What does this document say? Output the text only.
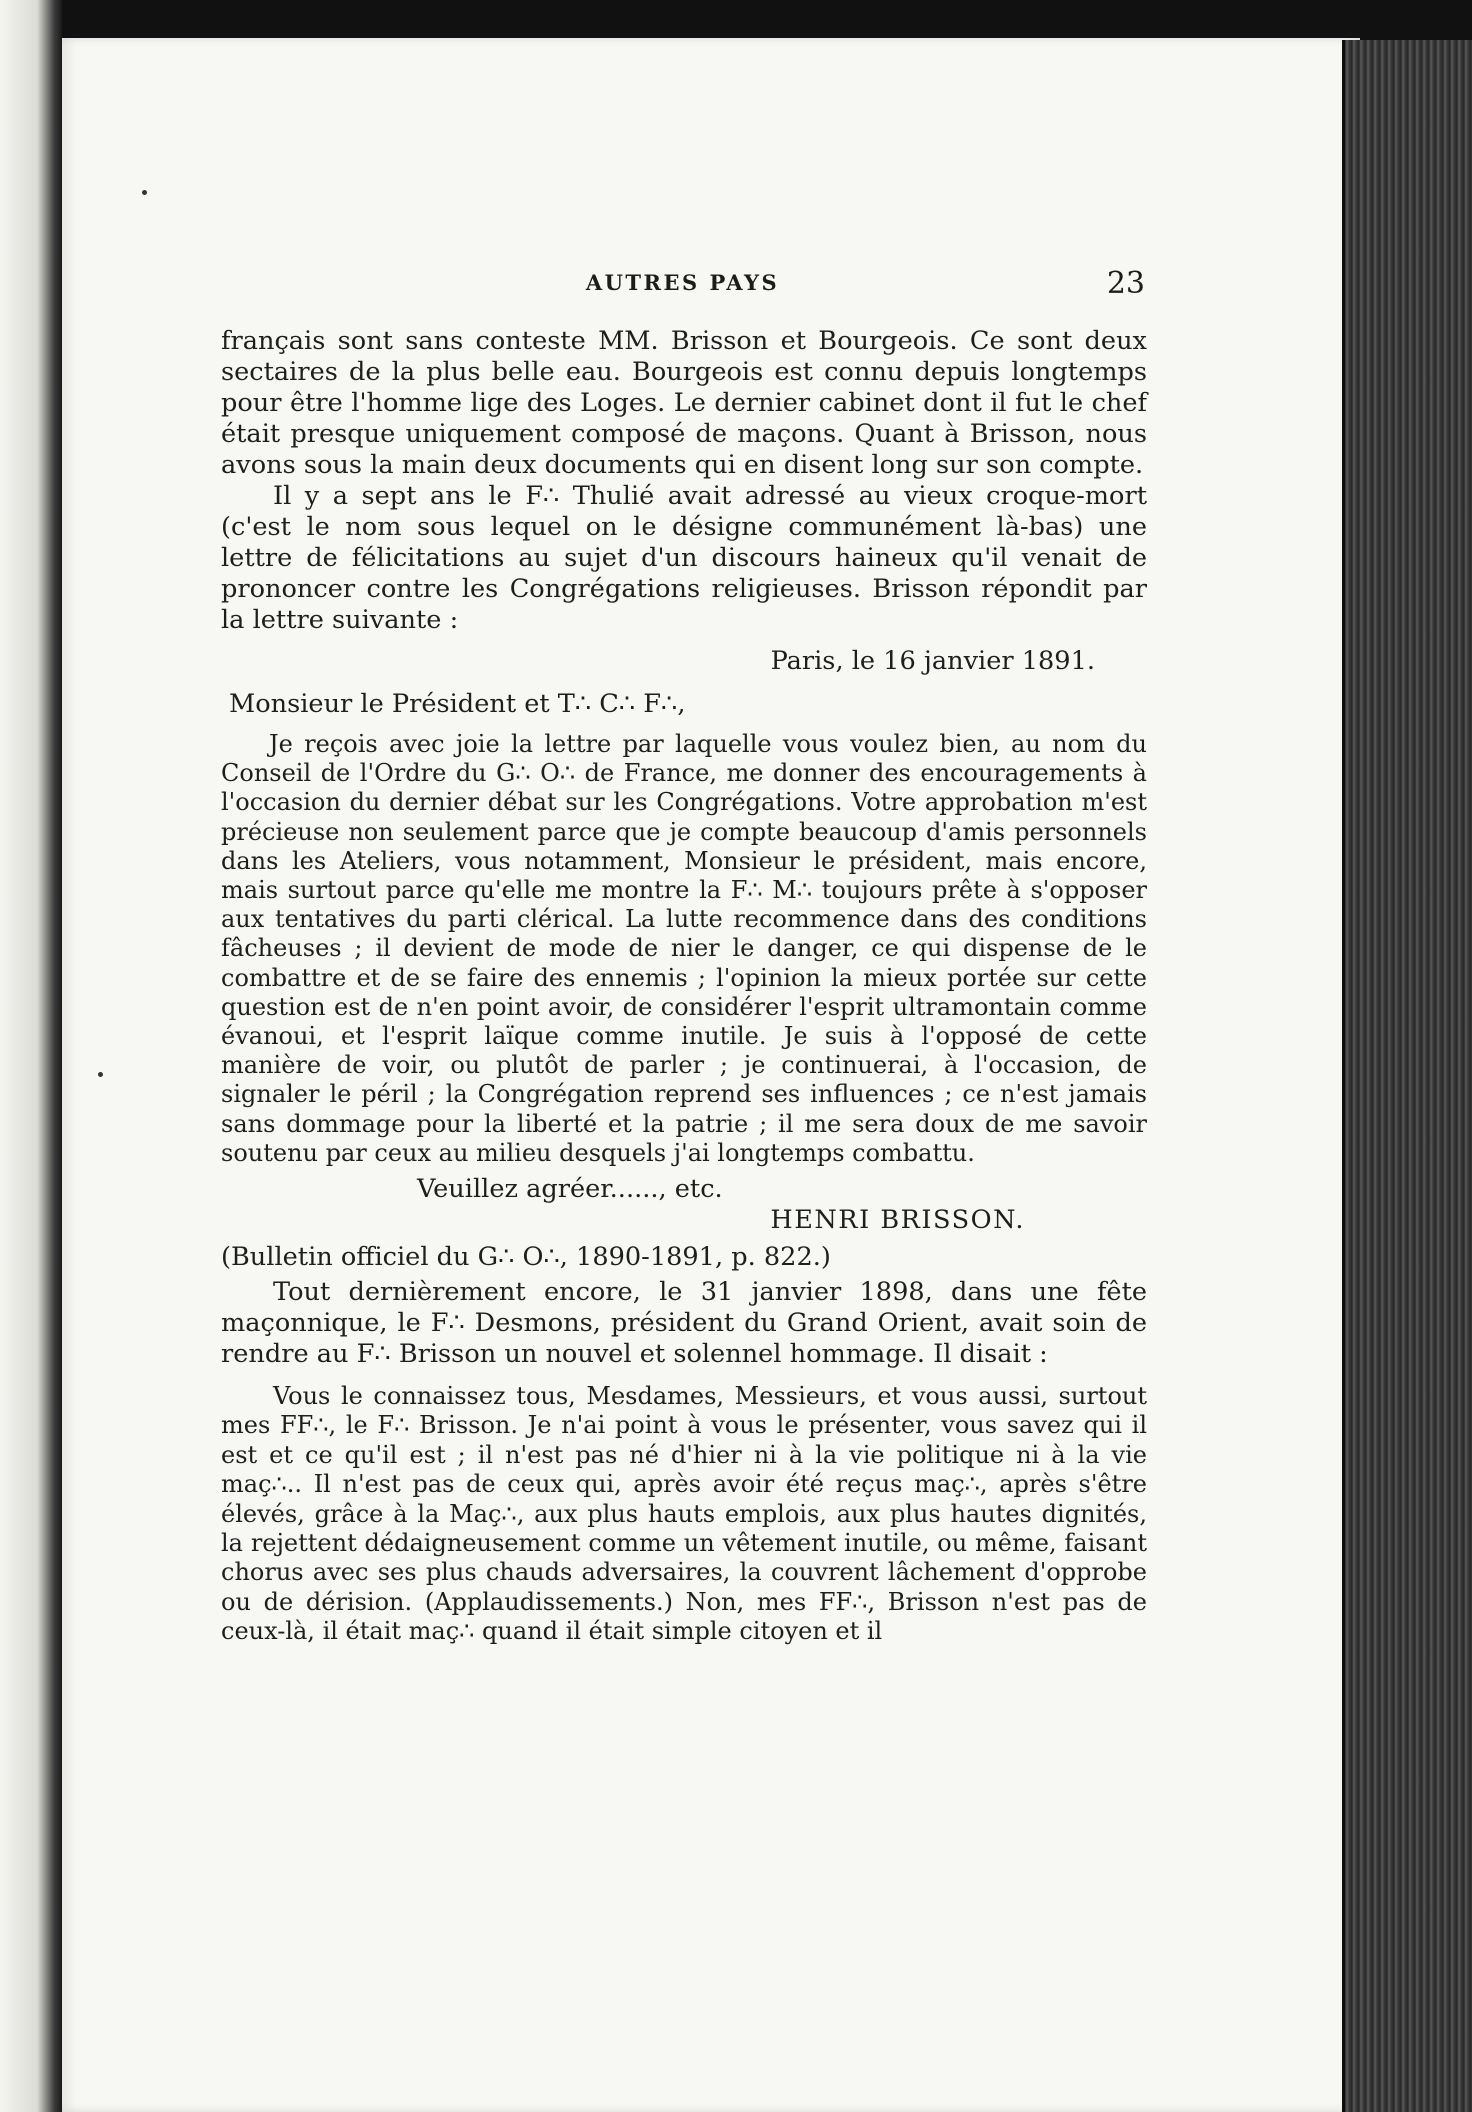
AUTRES PAYS	23

français sont sans conteste MM. Brisson et Bourgeois. Ce sont deux sectaires de la plus belle eau. Bourgeois est connu depuis longtemps pour être l'homme lige des Loges. Le dernier cabinet dont il fut le chef était presque uniquement composé de maçons. Quant à Brisson, nous avons sous la main deux documents qui en disent long sur son compte.

Il y a sept ans le F∴ Thulié avait adressé au vieux croque-mort (c'est le nom sous lequel on le désigne communément là-bas) une lettre de félicitations au sujet d'un discours haineux qu'il venait de prononcer contre les Congrégations religieuses. Brisson répondit par la lettre suivante :

Paris, le 16 janvier 1891.

Monsieur le Président et T∴ C∴ F∴,

Je reçois avec joie la lettre par laquelle vous voulez bien, au nom du Conseil de l'Ordre du G∴ O∴ de France, me donner des encouragements à l'occasion du dernier débat sur les Congrégations. Votre approbation m'est précieuse non seulement parce que je compte beaucoup d'amis personnels dans les Ateliers, vous notamment, Monsieur le président, mais encore, mais surtout parce qu'elle me montre la F∴ M∴ toujours prête à s'opposer aux tentatives du parti clérical. La lutte recommence dans des conditions fâcheuses ; il devient de mode de nier le danger, ce qui dispense de le combattre et de se faire des ennemis ; l'opinion la mieux portée sur cette question est de n'en point avoir, de considérer l'esprit ultramontain comme évanoui, et l'esprit laïque comme inutile. Je suis à l'opposé de cette manière de voir, ou plutôt de parler ; je continuerai, à l'occasion, de signaler le péril ; la Congrégation reprend ses influences ; ce n'est jamais sans dommage pour la liberté et la patrie ; il me sera doux de me savoir soutenu par ceux au milieu desquels j'ai longtemps combattu.

Veuillez agréer......, etc.

HENRI BRISSON.

(Bulletin officiel du G∴ O∴, 1890-1891, p. 822.)

Tout dernièrement encore, le 31 janvier 1898, dans une fête maçonnique, le F∴ Desmons, président du Grand Orient, avait soin de rendre au F∴ Brisson un nouvel et solennel hommage. Il disait :

Vous le connaissez tous, Mesdames, Messieurs, et vous aussi, surtout mes FF∴, le F∴ Brisson. Je n'ai point à vous le présenter, vous savez qui il est et ce qu'il est ; il n'est pas né d'hier ni à la vie politique ni à la vie maç∴.. Il n'est pas de ceux qui, après avoir été reçus maç∴, après s'être élevés, grâce à la Maç∴, aux plus hauts emplois, aux plus hautes dignités, la rejettent dédaigneusement comme un vêtement inutile, ou même, faisant chorus avec ses plus chauds adversaires, la couvrent lâchement d'opprobe ou de dérision. (Applaudissements.) Non, mes FF∴, Brisson n'est pas de ceux-là, il était maç∴ quand il était simple citoyen et il
